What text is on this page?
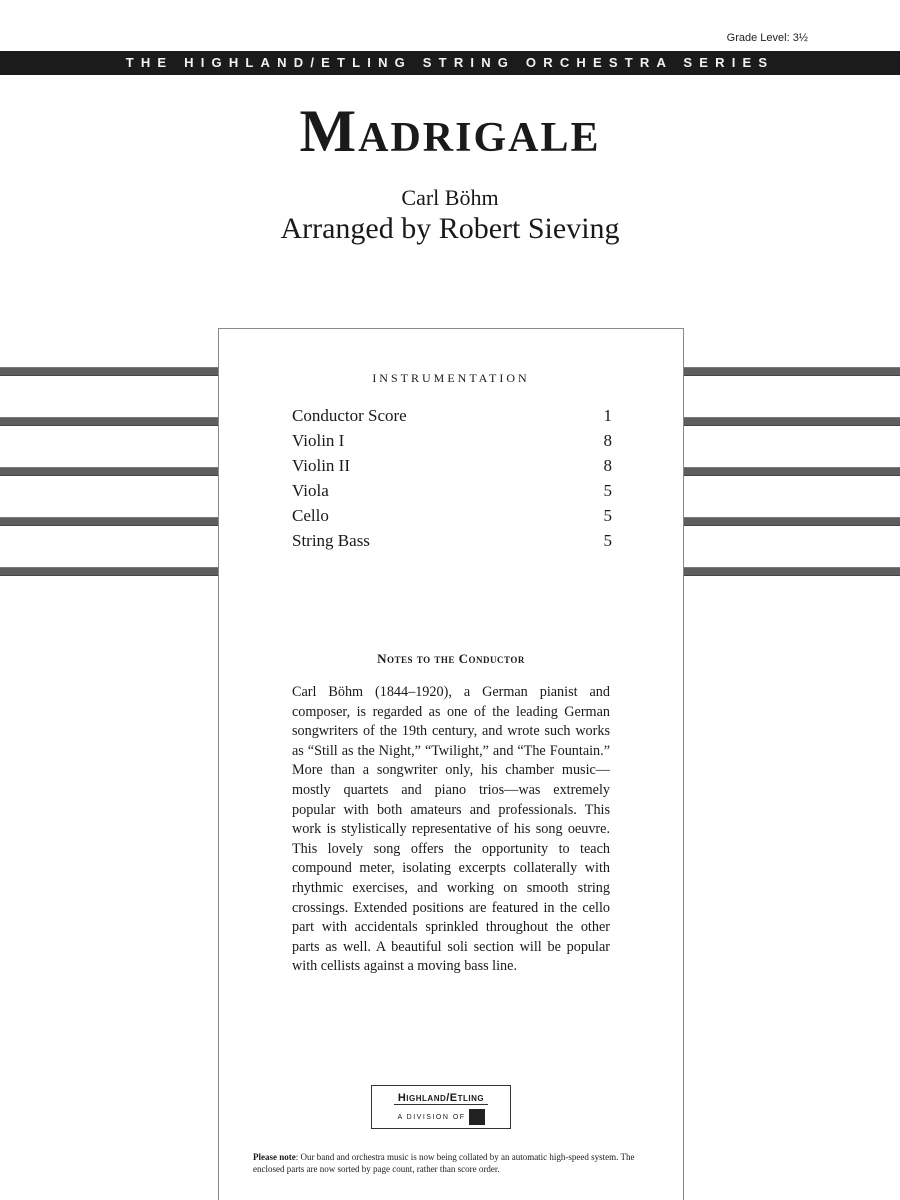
Grade Level: 3½
THE HIGHLAND/ETLING STRING ORCHESTRA SERIES
Madrigale
Carl Böhm
Arranged by Robert Sieving
INSTRUMENTATION
Conductor Score	1
Violin I	8
Violin II	8
Viola	5
Cello	5
String Bass	5
Notes to the Conductor

Carl Böhm (1844–1920), a German pianist and composer, is regarded as one of the leading German songwriters of the 19th century, and wrote such works as “Still as the Night,” “Twilight,” and “The Fountain.” More than a songwriter only, his chamber music—mostly quartets and piano trios—was extremely popular with both amateurs and professionals. This work is stylistically representative of his song oeuvre. This lovely song offers the opportunity to teach compound meter, isolating excerpts collaterally with rhythmic exercises, and working on smooth string crossings. Extended positions are featured in the cello part with accidentals sprinkled throughout the other parts as well. A beautiful soli section will be popular with cellists against a moving bass line.

Highland/Etling
A DIVISION OF

Please note: Our band and orchestra music is now being collated by an automatic high-speed system. The enclosed parts are now sorted by page count, rather than score order.
